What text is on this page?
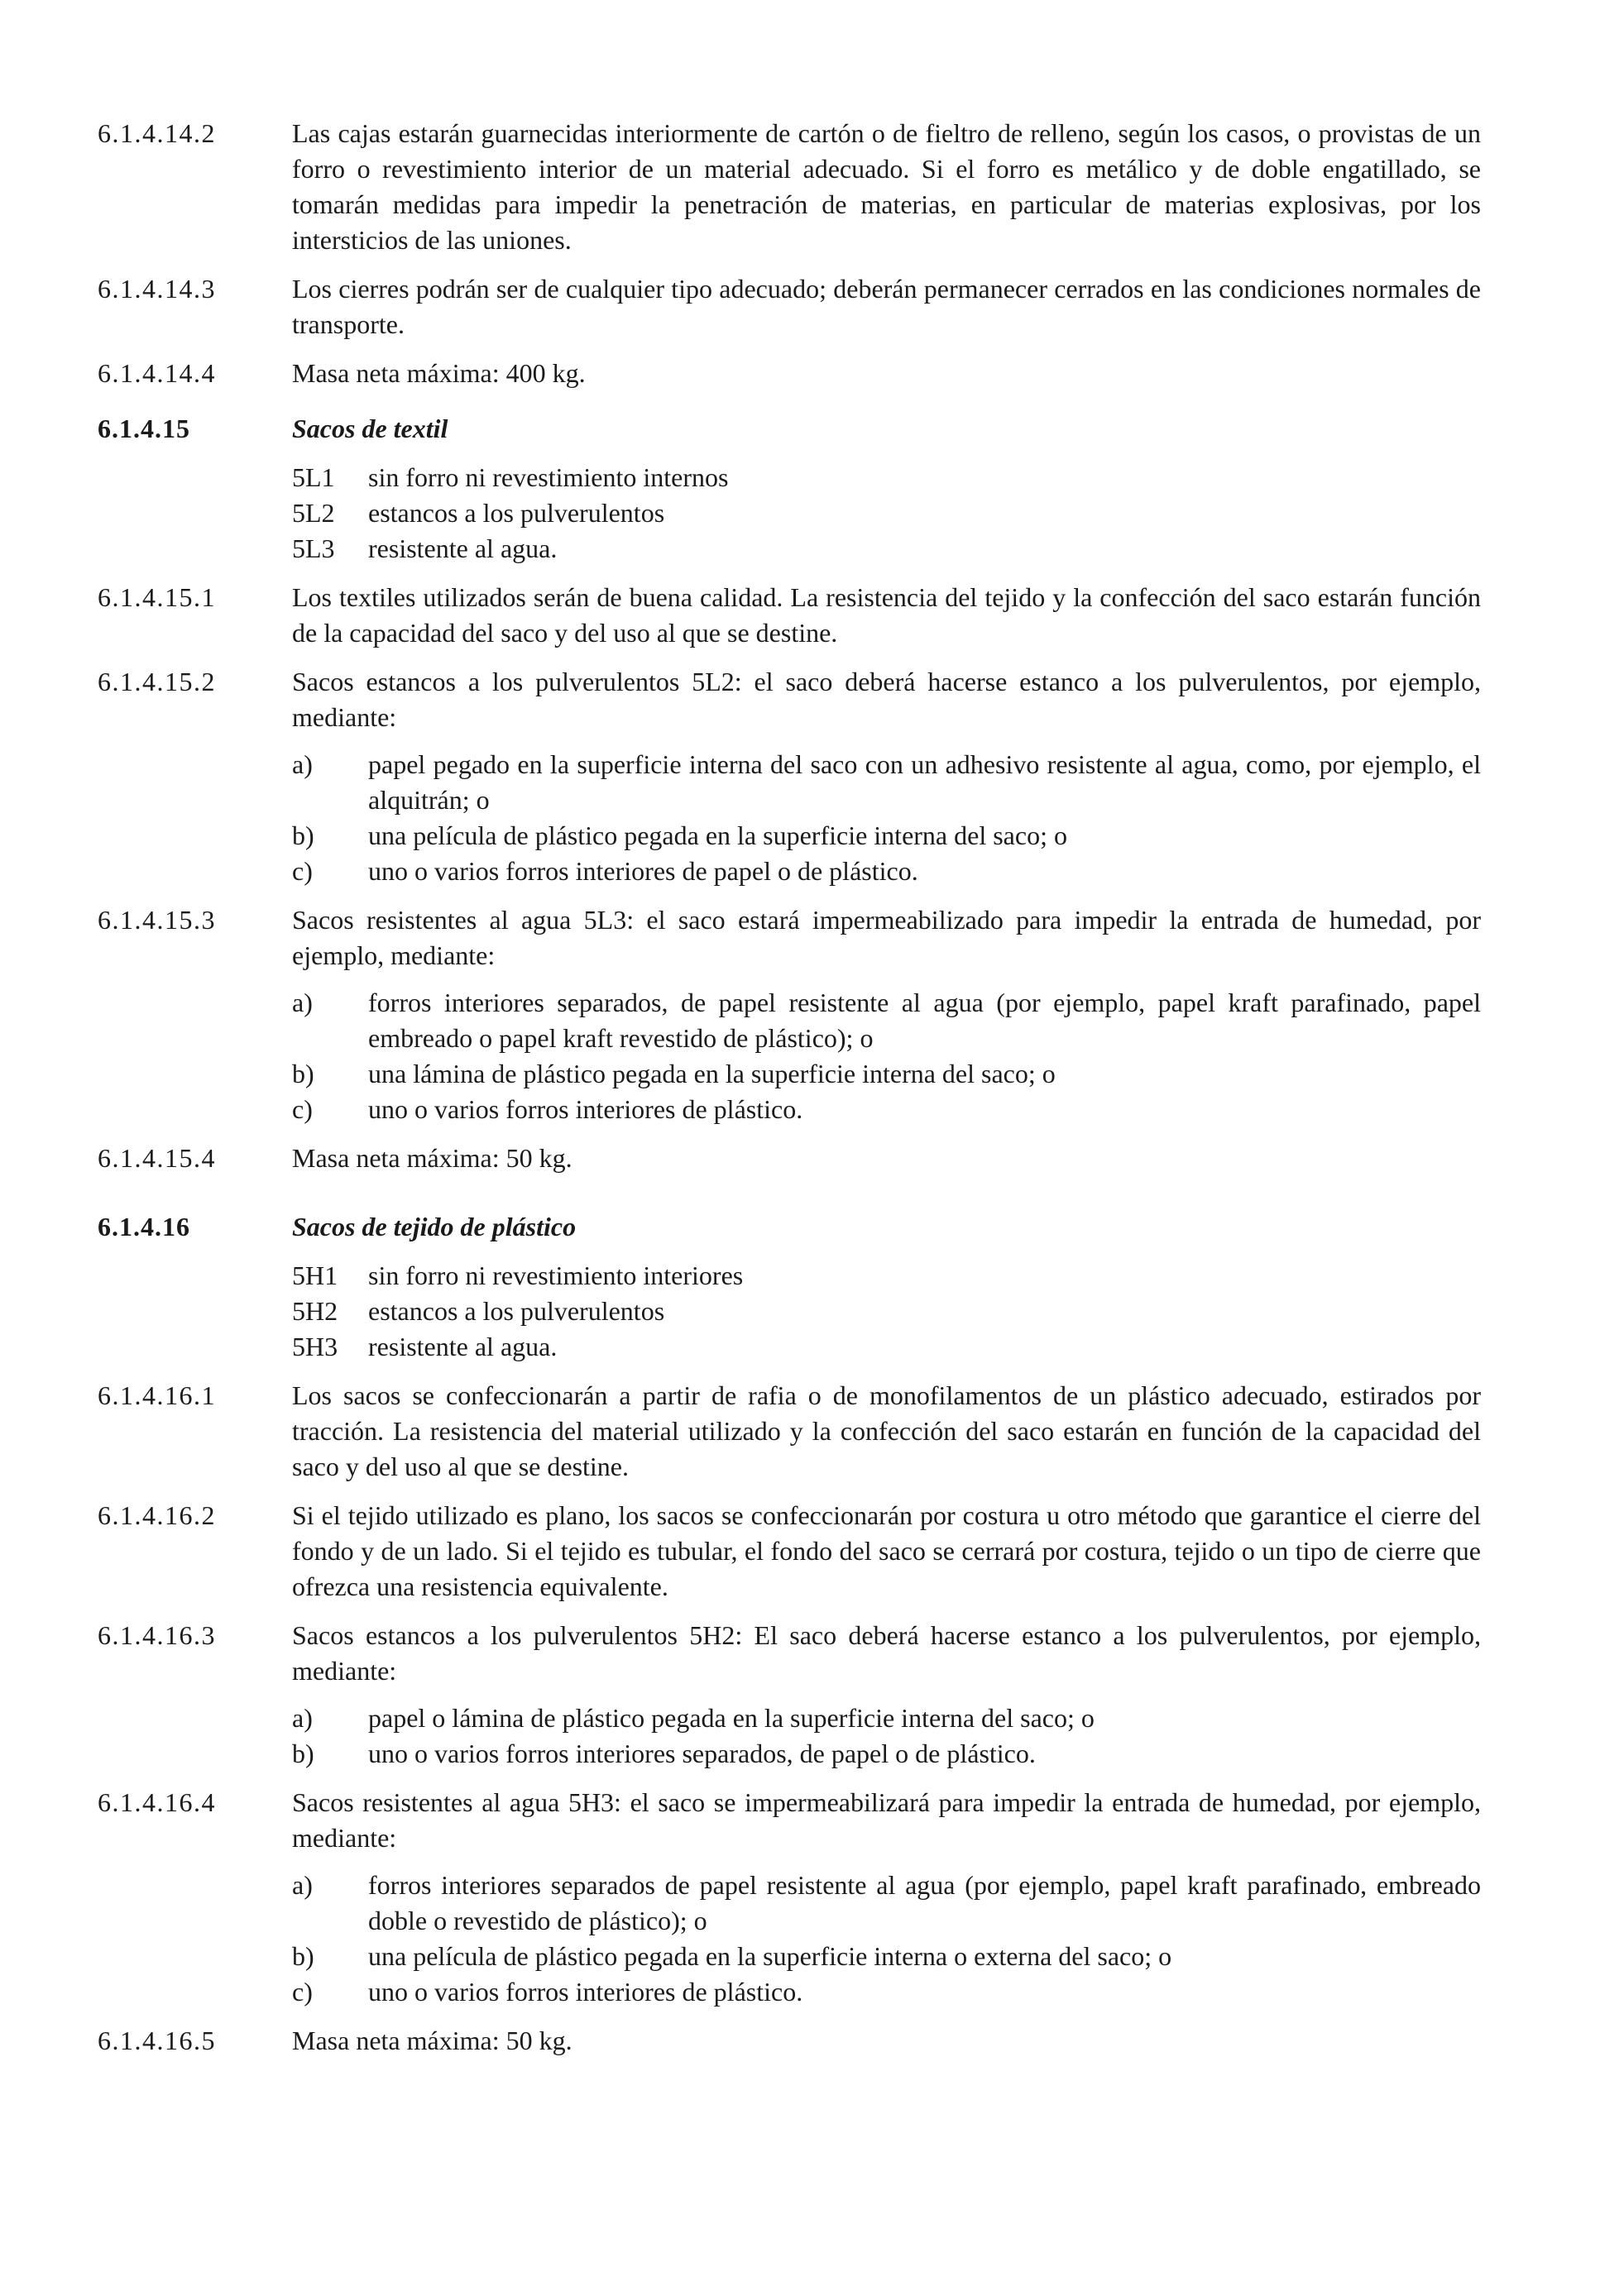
6.1.4.14.2	Las cajas estarán guarnecidas interiormente de cartón o de fieltro de relleno, según los casos, o provistas de un forro o revestimiento interior de un material adecuado. Si el forro es metálico y de doble engatillado, se tomarán medidas para impedir la penetración de materias, en particular de materias explosivas, por los intersticios de las uniones.
6.1.4.14.3	Los cierres podrán ser de cualquier tipo adecuado; deberán permanecer cerrados en las condiciones normales de transporte.
6.1.4.14.4	Masa neta máxima: 400 kg.
6.1.4.15	Sacos de textil
5L1	sin forro ni revestimiento internos
5L2	estancos a los pulverulentos
5L3	resistente al agua.
6.1.4.15.1	Los textiles utilizados serán de buena calidad. La resistencia del tejido y la confección del saco estarán función de la capacidad del saco y del uso al que se destine.
6.1.4.15.2	Sacos estancos a los pulverulentos 5L2: el saco deberá hacerse estanco a los pulverulentos, por ejemplo, mediante:
a)	papel pegado en la superficie interna del saco con un adhesivo resistente al agua, como, por ejemplo, el alquitrán; o
b)	una película de plástico pegada en la superficie interna del saco; o
c)	uno o varios forros interiores de papel o de plástico.
6.1.4.15.3	Sacos resistentes al agua 5L3: el saco estará impermeabilizado para impedir la entrada de humedad, por ejemplo, mediante:
a)	forros interiores separados, de papel resistente al agua (por ejemplo, papel kraft parafinado, papel embreado o papel kraft revestido de plástico); o
b)	una lámina de plástico pegada en la superficie interna del saco; o
c)	uno o varios forros interiores de plástico.
6.1.4.15.4	Masa neta máxima: 50 kg.
6.1.4.16	Sacos de tejido de plástico
5H1	sin forro ni revestimiento interiores
5H2	estancos a los pulverulentos
5H3	resistente al agua.
6.1.4.16.1	Los sacos se confeccionarán a partir de rafia o de monofilamentos de un plástico adecuado, estirados por tracción. La resistencia del material utilizado y la confección del saco estarán en función de la capacidad del saco y del uso al que se destine.
6.1.4.16.2	Si el tejido utilizado es plano, los sacos se confeccionarán por costura u otro método que garantice el cierre del fondo y de un lado. Si el tejido es tubular, el fondo del saco se cerrará por costura, tejido o un tipo de cierre que ofrezca una resistencia equivalente.
6.1.4.16.3	Sacos estancos a los pulverulentos 5H2: El saco deberá hacerse estanco a los pulverulentos, por ejemplo, mediante:
a)	papel o lámina de plástico pegada en la superficie interna del saco; o
b)	uno o varios forros interiores separados, de papel o de plástico.
6.1.4.16.4	Sacos resistentes al agua 5H3: el saco se impermeabilizará para impedir la entrada de humedad, por ejemplo, mediante:
a)	forros interiores separados de papel resistente al agua (por ejemplo, papel kraft parafinado, embreado doble o revestido de plástico); o
b)	una película de plástico pegada en la superficie interna o externa del saco; o
c)	uno o varios forros interiores de plástico.
6.1.4.16.5	Masa neta máxima: 50 kg.
